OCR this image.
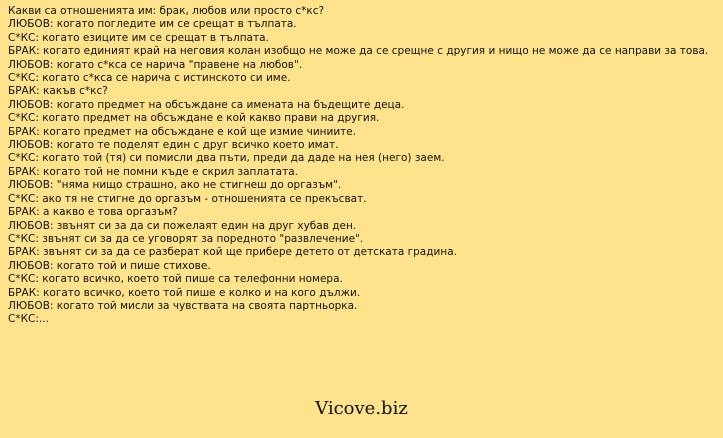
Какви са отношенията им: брак, любов или просто с*кс?

ЛЮБОВ: когато погледите им се срещат в тълпата.

С*КС: когато езиците им се срещат в тълпата.

БРАК: когато единият край на неговия колан изобщо не може да се срещне с другия и нищо не може да се направи за това.

ЛЮБОВ: когато с*кса се нарича "правене на любов".

С*КС: когато с*кса се нарича с истинското си име.

БРАК: какъв с*кс?

ЛЮБОВ: когато предмет на обсъждане са имената на бъдещите деца.

С*КС: когато предмет на обсъждане е кой какво прави на другия.

БРАК: когато предмет на обсъждане е кой ще измие чиниите.

ЛЮБОВ: когато те поделят един с друг всичко което имат.

С*КС: когато той (тя) си помисли два пъти, преди да даде на нея (него) заем.

БРАК: когато той не помни къде е скрил заплатата.

ЛЮБОВ: "няма нищо страшно, ако не стигнеш до оргазъм".

С*КС: ако тя не стигне до оргазъм - отношенията се прекъсват.

БРАК: а какво е това оргазъм?

ЛЮБОВ: звънят си за да си пожелаят един на друг хубав ден.

С*КС: звънят си за да се уговорят за поредното "развлечение".

БРАК: звънят си за да се разберат кой ще прибере детето от детската градина.

ЛЮБОВ: когато той и пише стихове.

С*КС: когато всичко, което той пише са телефонни номера.

БРАК: когато всичко, което той пише е колко и на кого дължи.

ЛЮБОВ: когато той мисли за чувствата на своята партньорка.

С*КС:...

Vicove.biz
